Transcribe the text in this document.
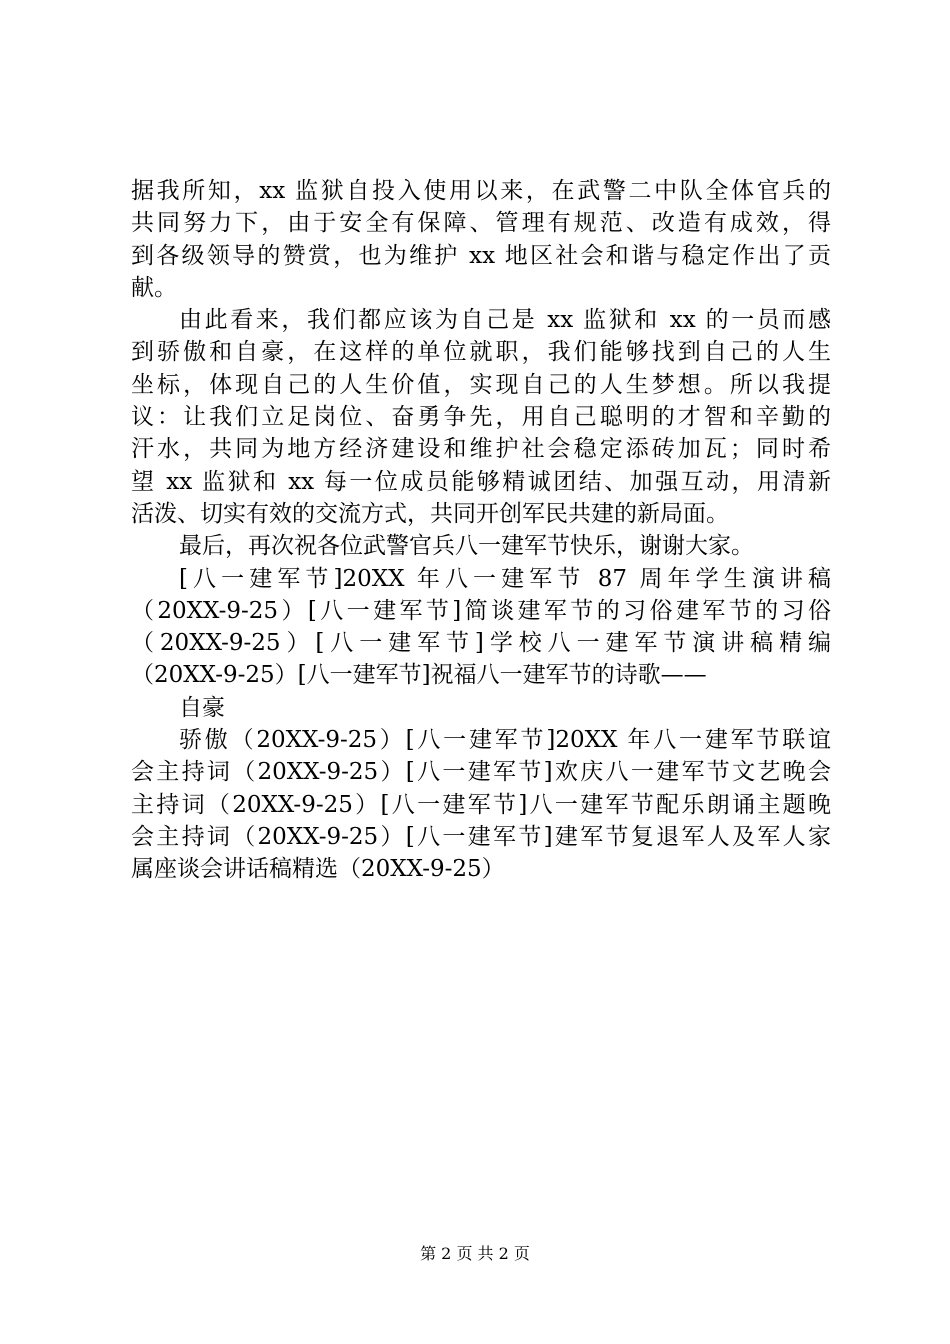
据我所知，xx 监狱自投入使用以来，在武警二中队全体官兵的
共同努力下，由于安全有保障、管理有规范、改造有成效，得
到各级领导的赞赏，也为维护 xx 地区社会和谐与稳定作出了贡
献。
由此看来，我们都应该为自己是 xx 监狱和 xx 的一员而感
到骄傲和自豪，在这样的单位就职，我们能够找到自己的人生
坐标，体现自己的人生价值，实现自己的人生梦想。所以我提
议：让我们立足岗位、奋勇争先，用自己聪明的才智和辛勤的
汗水，共同为地方经济建设和维护社会稳定添砖加瓦；同时希
望 xx 监狱和 xx 每一位成员能够精诚团结、加强互动，用清新
活泼、切实有效的交流方式，共同开创军民共建的新局面。
最后，再次祝各位武警官兵八一建军节快乐，谢谢大家。
[八一建军节]20XX 年八一建军节 87 周年学生演讲稿
（20XX-9-25）[八一建军节]简谈建军节的习俗建军节的习俗
（20XX-9-25）[八一建军节]学校八一建军节演讲稿精编
（20XX-9-25）[八一建军节]祝福八一建军节的诗歌——
自豪
骄傲（20XX-9-25）[八一建军节]20XX 年八一建军节联谊
会主持词（20XX-9-25）[八一建军节]欢庆八一建军节文艺晚会
主持词（20XX-9-25）[八一建军节]八一建军节配乐朗诵主题晚
会主持词（20XX-9-25）[八一建军节]建军节复退军人及军人家
属座谈会讲话稿精选（20XX-9-25）
第 2 页 共 2 页
